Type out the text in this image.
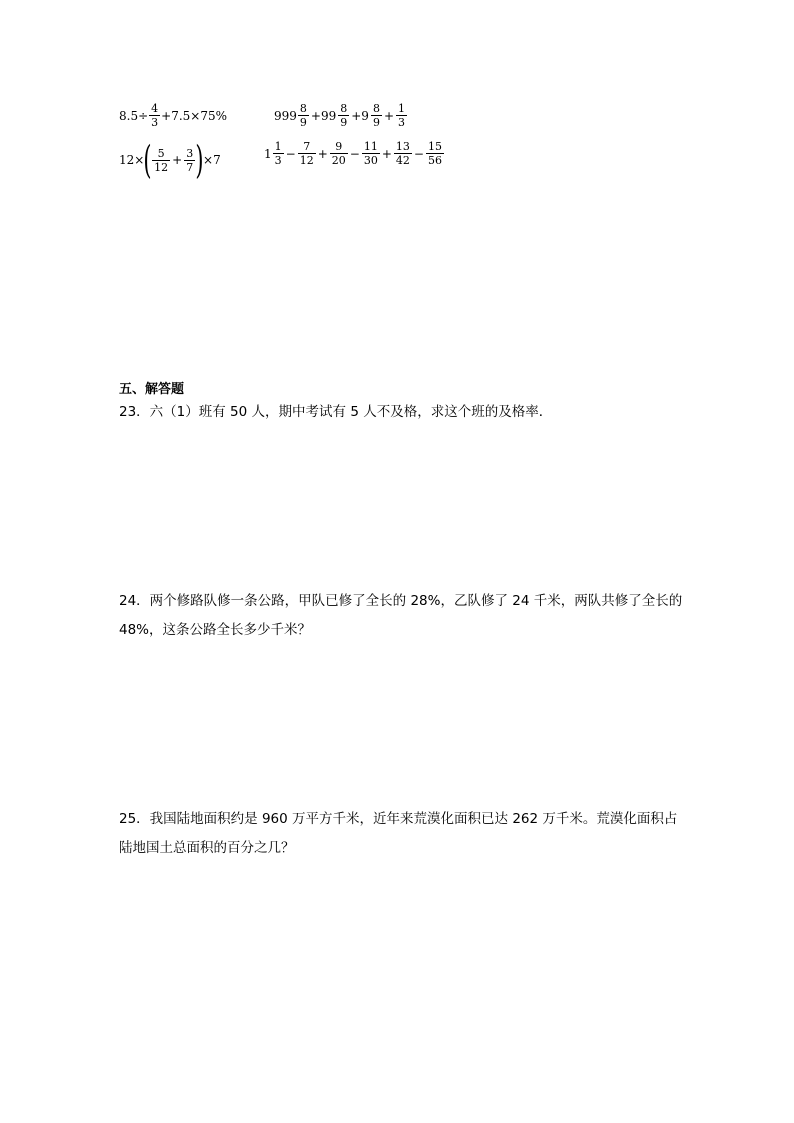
$8.5\div \frac{4}{3} +7.5\times 75\%$	$999 \frac{8}{9} +99 \frac{8}{9} +9 \frac{8}{9} + \frac{1}{3}$
12× ( $\frac{5}{12} + \frac{3}{7}$ ) ×7	$1 \frac{1}{3} - \frac{7}{12} + \frac{9}{20} - \frac{11}{30} + \frac{13}{42} - \frac{15}{56}$
五、解答题
23．六（1）班有 50 人，期中考试有 5 人不及格，求这个班的及格率．
24．两个修路队修一条公路，甲队已修了全长的 28%，乙队修了 24 千米，两队共修了全长的 48%，这条公路全长多少千米？
25．我国陆地面积约是 960 万平方千米，近年来荒漠化面积已达 262 万千米。荒漠化面积占陆地国土总面积的百分之几？
